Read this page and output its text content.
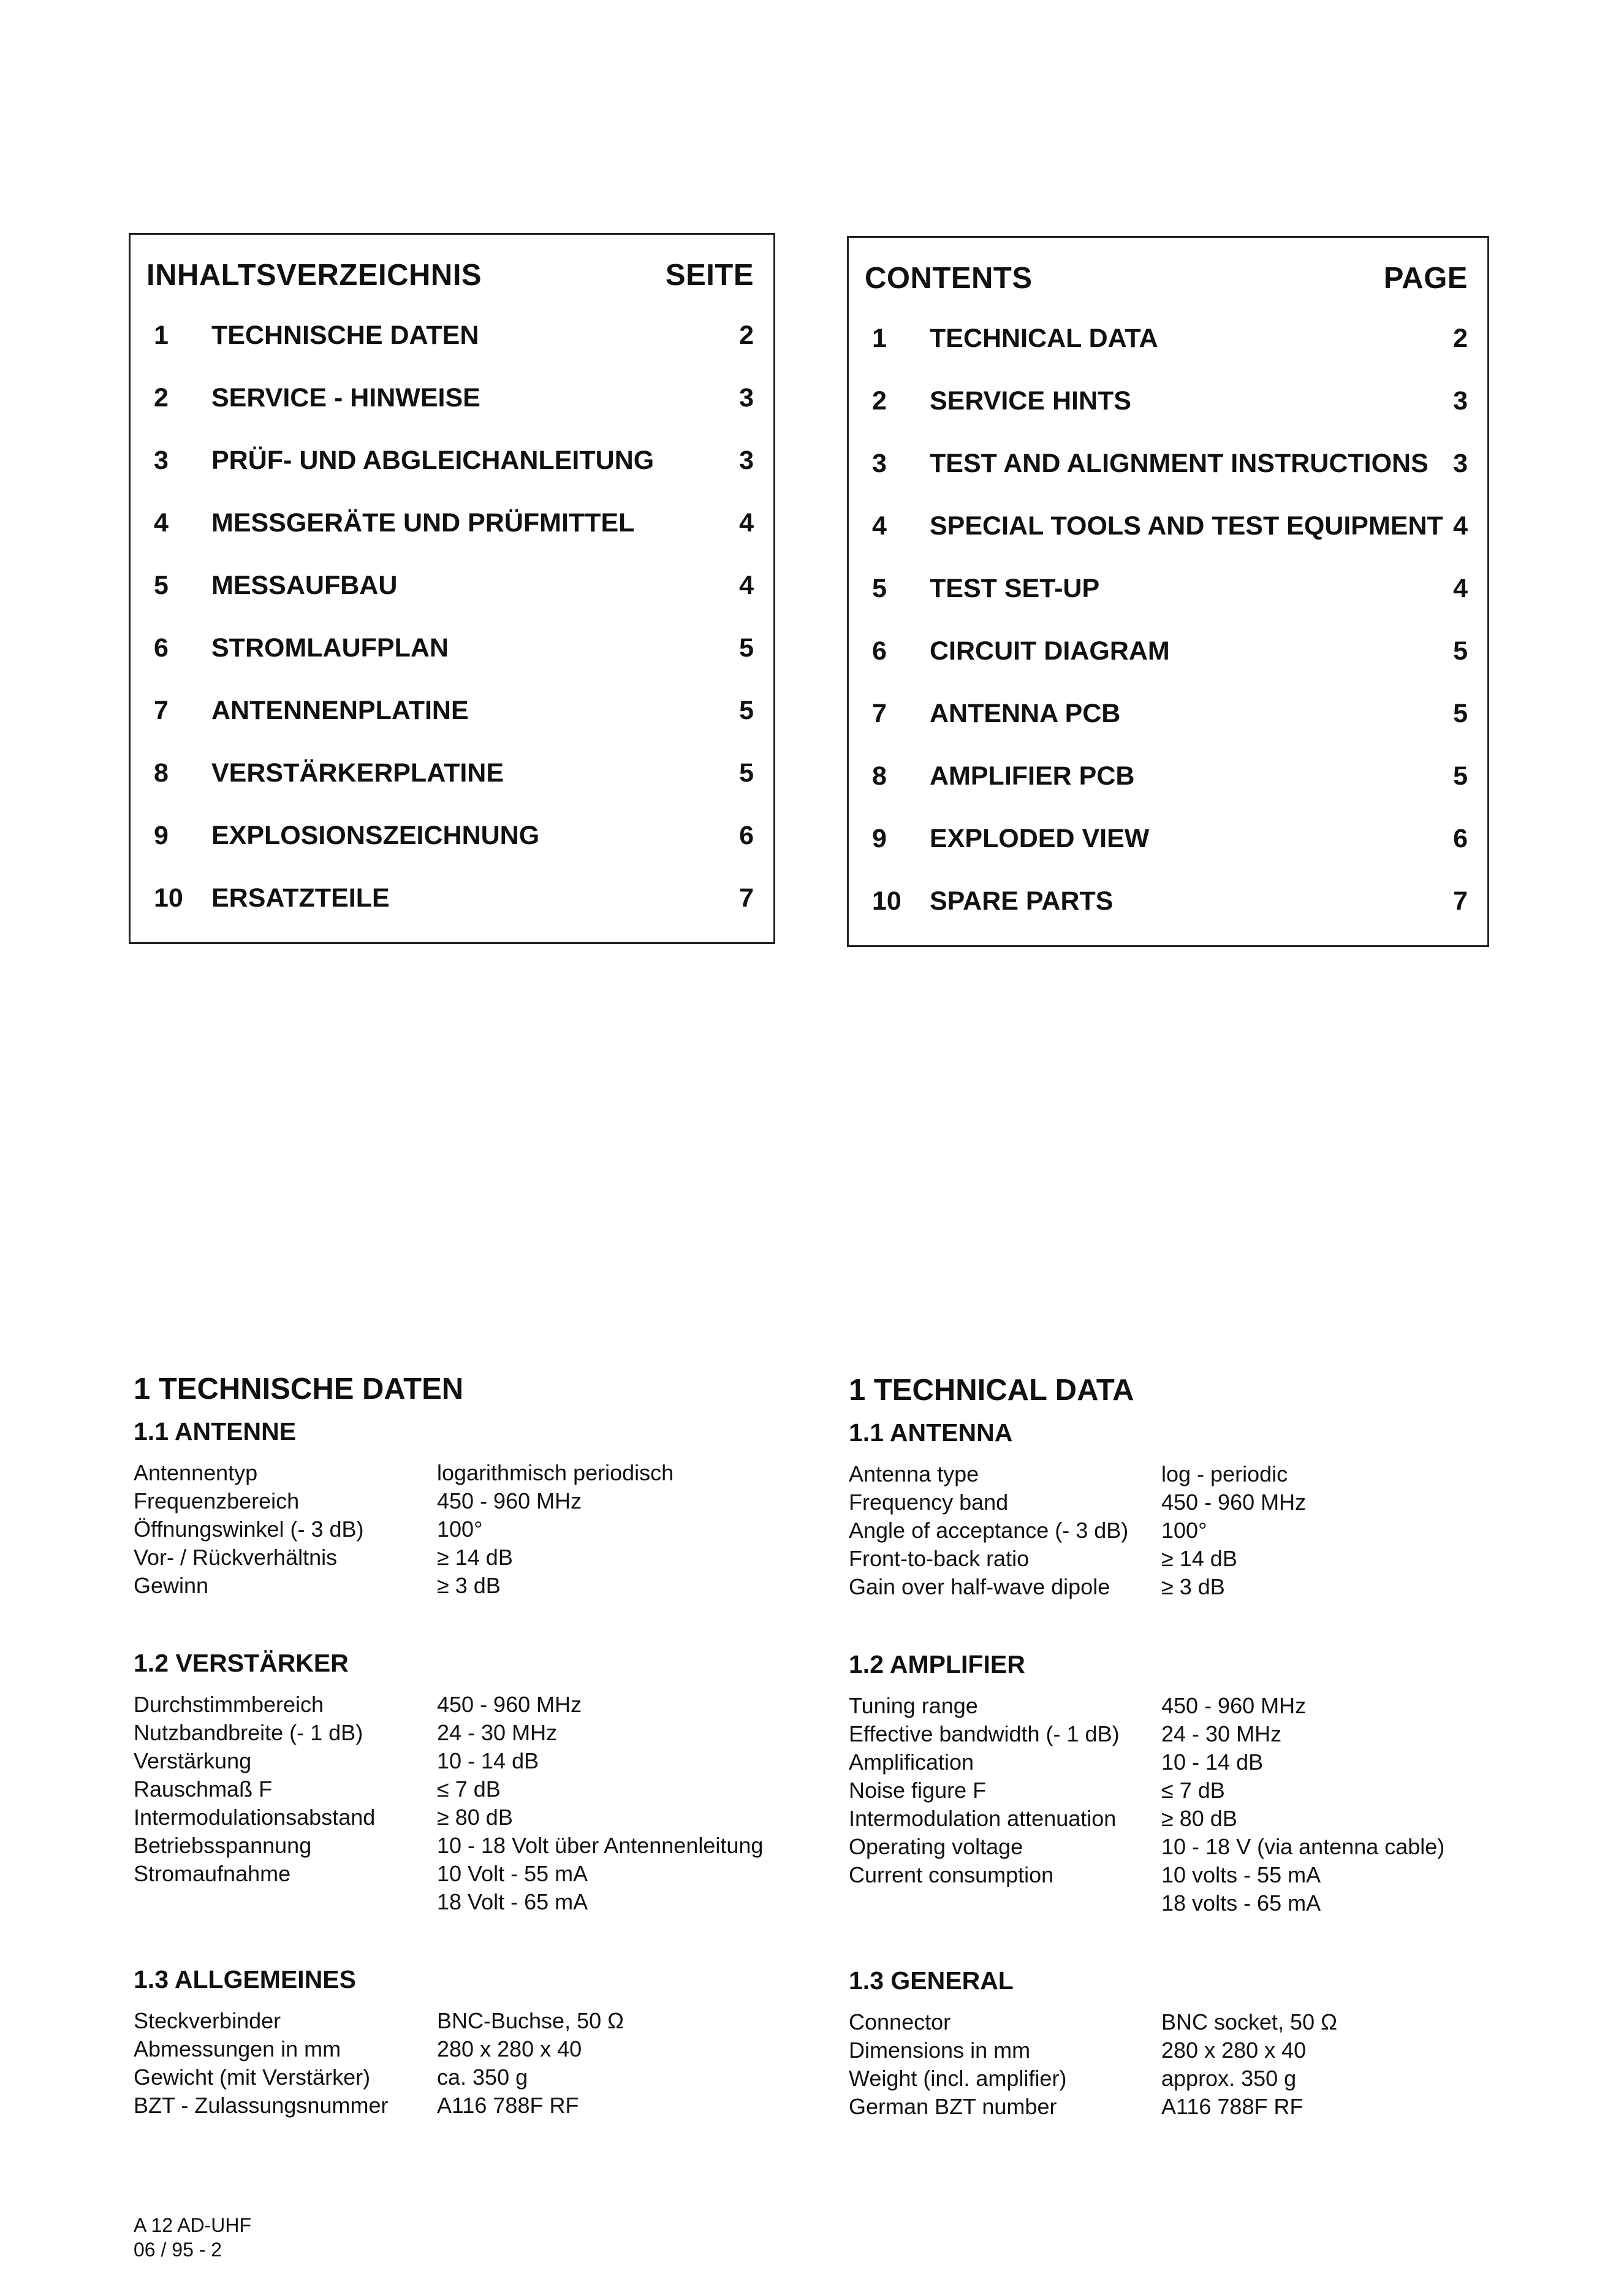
INHALTSVERZEICHNIS	SEITE
1 TECHNISCHE DATEN	2
2 SERVICE - HINWEISE	3
3 PRÜF- UND ABGLEICHANLEITUNG	3
4 MESSGERÄTE UND PRÜFMITTEL	4
5 MESSAUFBAU	4
6 STROMLAUFPLAN	5
7 ANTENNENPLATINE	5
8 VERSTÄRKERPLATINE	5
9 EXPLOSIONSZEICHNUNG	6
10 ERSATZTEILE	7
CONTENTS	PAGE
1 TECHNICAL DATA	2
2 SERVICE HINTS	3
3 TEST AND ALIGNMENT INSTRUCTIONS 3
4 SPECIAL TOOLS AND TEST EQUIPMENT 4
5 TEST SET-UP	4
6 CIRCUIT DIAGRAM	5
7 ANTENNA PCB	5
8 AMPLIFIER PCB	5
9 EXPLODED VIEW	6
10 SPARE PARTS	7
1 TECHNISCHE DATEN
1.1 ANTENNE
Antennentyp	logarithmisch periodisch
Frequenzbereich	450 - 960 MHz
Öffnungswinkel (- 3 dB)	100°
Vor- / Rückverhältnis	≥ 14 dB
Gewinn	≥ 3 dB
1.2 VERSTÄRKER
Durchstimmbereich	450 - 960 MHz
Nutzbandbreite (- 1 dB)	24 - 30 MHz
Verstärkung	10 - 14 dB
Rauschmaß F	≤ 7 dB
Intermodulationsabstand	≥ 80 dB
Betriebsspannung	10 - 18 Volt über Antennenleitung
Stromaufnahme	10 Volt - 55 mA
18 Volt - 65 mA
1.3 ALLGEMEINES
Steckverbinder	BNC-Buchse, 50 Ω
Abmessungen in mm	280 x 280 x 40
Gewicht (mit Verstärker)	ca. 350 g
BZT - Zulassungsnummer A116 788F RF
1 TECHNICAL DATA
1.1 ANTENNA
Antenna type	log - periodic
Frequency band	450 - 960 MHz
Angle of acceptance (- 3 dB) 100°
Front-to-back ratio	≥ 14 dB
Gain over half-wave dipole ≥ 3 dB
1.2 AMPLIFIER
Tuning range	450 - 960 MHz
Effective bandwidth (- 1 dB) 24 - 30 MHz
Amplification	10 - 14 dB
Noise figure F	≤ 7 dB
Intermodulation attenuation ≥ 80 dB
Operating voltage	10 - 18 V (via antenna cable)
Current consumption	10 volts - 55 mA
18 volts - 65 mA
1.3 GENERAL
Connector	BNC socket, 50 Ω
Dimensions in mm	280 x 280 x 40
Weight (incl. amplifier)	approx. 350 g
German BZT number	A116 788F RF
A 12 AD-UHF
06 / 95 - 2
